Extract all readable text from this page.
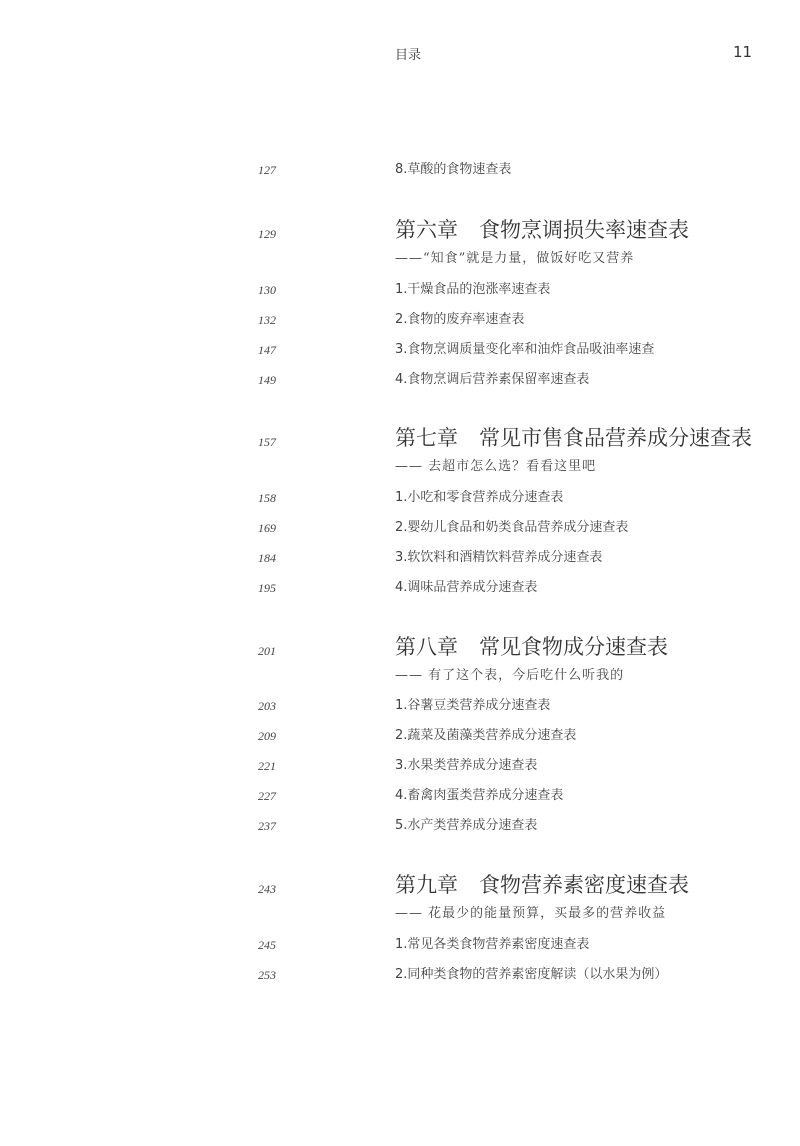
目录	11
127	8.草酸的食物速查表
129	第六章　食物烹调损失率速查表
——“知食”就是力量，做饭好吃又营养
130	1.干燥食品的泡涨率速查表
132	2.食物的废弃率速查表
147	3.食物烹调质量变化率和油炸食品吸油率速查
149	4.食物烹调后营养素保留率速查表
157	第七章　常见市售食品营养成分速查表
—— 去超市怎么选？看看这里吧
158	1.小吃和零食营养成分速查表
169	2.婴幼儿食品和奶类食品营养成分速查表
184	3.软饮料和酒精饮料营养成分速查表
195	4.调味品营养成分速查表
201	第八章　常见食物成分速查表
—— 有了这个表，今后吃什么听我的
203	1.谷薯豆类营养成分速查表
209	2.蔬菜及菌藻类营养成分速查表
221	3.水果类营养成分速查表
227	4.畜禽肉蛋类营养成分速查表
237	5.水产类营养成分速查表
243	第九章　食物营养素密度速查表
—— 花最少的能量预算，买最多的营养收益
245	1.常见各类食物营养素密度速查表
253	2.同种类食物的营养素密度解读（以水果为例）
